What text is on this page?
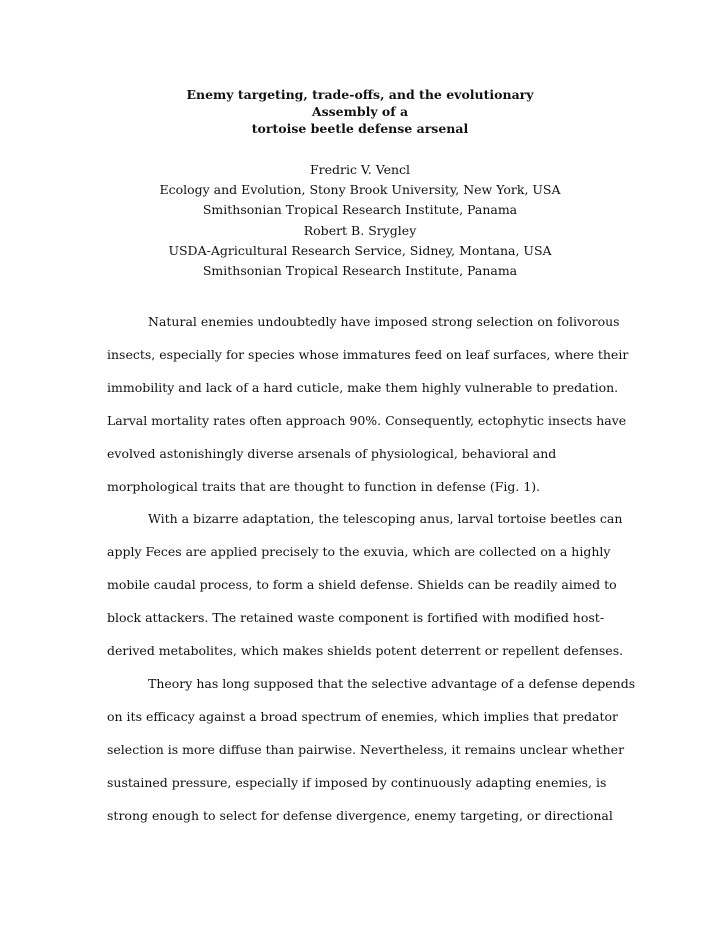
Enemy targeting, trade-offs, and the evolutionary
Assembly of a
tortoise beetle defense arsenal
Fredric V. Vencl
Ecology and Evolution, Stony Brook University, New York, USA
Smithsonian Tropical Research Institute, Panama
Robert B. Srygley
USDA-Agricultural Research Service, Sidney, Montana, USA
Smithsonian Tropical Research Institute, Panama

Natural enemies undoubtedly have imposed strong selection on folivorous
insects, especially for species whose immatures feed on leaf surfaces, where their
immobility and lack of a hard cuticle, make them highly vulnerable to predation.
Larval mortality rates often approach 90%. Consequently, ectophytic insects have
evolved astonishingly diverse arsenals of physiological, behavioral and
morphological traits that are thought to function in defense (Fig. 1).

With a bizarre adaptation, the telescoping anus, larval tortoise beetles can
apply Feces are applied precisely to the exuvia, which are collected on a highly
mobile caudal process, to form a shield defense. Shields can be readily aimed to
block attackers. The retained waste component is fortified with modified host-
derived metabolites, which makes shields potent deterrent or repellent defenses.

Theory has long supposed that the selective advantage of a defense depends
on its efficacy against a broad spectrum of enemies, which implies that predator
selection is more diffuse than pairwise. Nevertheless, it remains unclear whether
sustained pressure, especially if imposed by continuously adapting enemies, is
strong enough to select for defense divergence, enemy targeting, or directional
